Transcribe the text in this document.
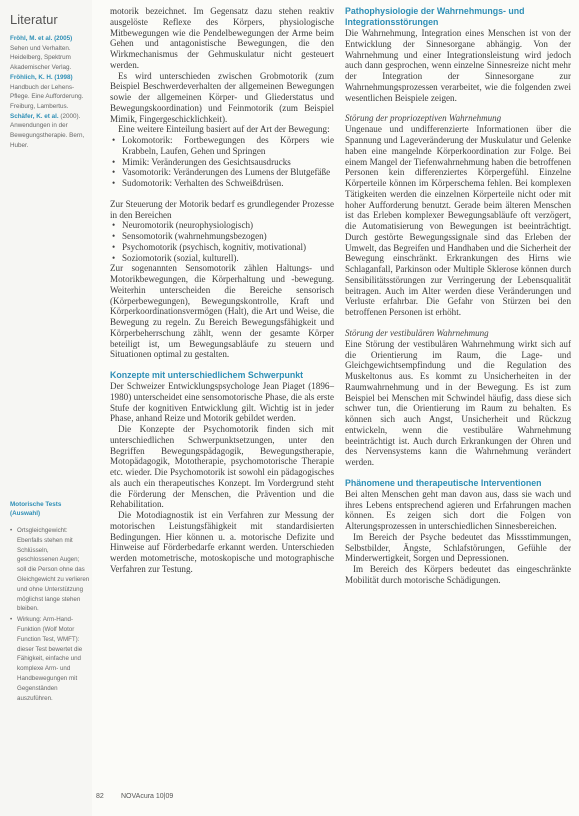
Literatur

Fröhl, M. et al. (2005) Sehen und Verhalten. Heidelberg, Spektrum Akademischer Verlag.

Fröhlich, K. H. (1998) Handbuch der Lehens-Pflege. Eine Aufforderung. Freiburg, Lambertus.

Schäfer, K. et al. (2000). Anwendungen in der Bewegungstherapie. Bern, Huber.

Motorische Tests (Auswahl)
• Ortsgleichgewicht: Ebenfalls stehen mit Schlüsseln, geschlossenen Augen; soll die Person ohne das Gleichgewicht zu verlieren und ohne Unterstützung möglichst lange stehen bleiben.
• Wirkung: Arm-Hand-Funktion (Wolf Motor Function Test, WMFT): dieser Test bewertet die Fähigkeit, einfache und komplexe Arm- und Handbewegungen mit Gegenständen auszuführen.

motorik bezeichnet. Im Gegensatz dazu stehen reaktiv ausgelöste Reflexe des Körpers, physiologische Mitbewegungen wie die Pendelbewegungen der Arme beim Gehen und antagonistische Bewegungen, die den Wirkmechanismus der Gehmuskulatur nicht gesteuert werden.

Es wird unterschieden zwischen Grobmotorik (zum Beispiel Beschwerdeverhalten der allgemeinen Bewegungen sowie der allgemeinen Körper- und Gliederstatus und Bewegungskoordination) und Feinmotorik (zum Beispiel Mimik, Fingergeschicklichkeit).

Eine weitere Einteilung basiert auf der Art der Bewegung:

• Lokomotorik: Fortbewegungen des Körpers wie Krabbeln, Laufen, Gehen und Springen
• Mimik: Veränderungen des Gesichtsausdrucks
• Vasomotorik: Veränderungen des Lumens der Blutgefäße
• Sudomotorik: Verhalten des Schweißdrüsen.

Zur Steuerung der Motorik bedarf es grundlegender Prozesse in den Bereichen

• Neuromotorik (neurophysiologisch)
• Sensomotorik (wahrnehmungsbezogen)
• Psychomotorik (psychisch, kognitiv, motivational)
• Soziomotorik (sozial, kulturell).

Zur sogenannten Sensomotorik zählen Haltungs- und Motorikbewegungen, die Körperhaltung und -bewegung. Weiterhin unterscheiden die Bereiche sensorisch (Körperbewegungen), Bewegungskontrolle, Kraft und Körperkoordinationsvermögen (Halt), die Art und Weise, die Bewegung zu regeln. Zu Bereich Bewegungsfähigkeit und Körperbeherrschung zählt, wenn der gesamte Körper beteiligt ist, um Bewegungsabläufe zu steuern und Situationen optimal zu gestalten.

Konzepte mit unterschiedlichem Schwerpunkt

Der Schweizer Entwicklungspsychologe Jean Piaget (1896–1980) unterscheidet eine sensomotorische Phase, die als erste Stufe der kognitiven Entwicklung gilt. Wichtig ist in jeder Phase, anhand Reize und Motorik gebildet werden.

Die Konzepte der Psychomotorik finden sich mit unterschiedlichen Schwerpunktsetzungen, unter den Begriffen Bewegungspädagogik, Bewegungstherapie, Motopädagogik, Mototherapie, psychomotorische Therapie etc. wieder. Die Psychomotorik ist sowohl ein pädagogisches als auch ein therapeutisches Konzept. Im Vordergrund steht die Förderung der Menschen, die Prävention und die Rehabilitation.

Die Motodiagnostik ist ein Verfahren zur Messung der motorischen Leistungsfähigkeit mit standardisierten Bedingungen. Hier können u. a. motorische Defizite und Hinweise auf Förderbedarfe erkannt werden. Unterschieden werden motometrische, motoskopische und motographische Verfahren zur Testung.

Pathophysiologie der Wahrnehmungs- und Integrationsstörungen

Die Wahrnehmung, Integration eines Menschen ist von der Entwicklung der Sinnesorgane abhängig. Von der Wahrnehmung und einer Integrationsleistung wird jedoch auch dann gesprochen, wenn einzelne Sinnesreize nicht mehr der Integration der Sinnesorgane zur Wahrnehmungsprozessen verarbeitet, wie die folgenden zwei wesentlichen Beispiele zeigen.

Störung der propriozeptiven Wahrnehmung

Ungenaue und undifferenzierte Informationen über die Spannung und Lageveränderung der Muskulatur und Gelenke haben eine mangelnde Körperkoordination zur Folge. Bei einem Mangel der Tiefenwahrnehmung haben die betroffenen Personen kein differenziertes Körpergefühl. Einzelne Körperteile können im Körperschema fehlen. Bei komplexen Tätigkeiten werden die einzelnen Körperteile nicht oder mit hoher Aufforderung benutzt. Gerade beim älteren Menschen ist das Erleben komplexer Bewegungsabläufe oft verzögert, die Automatisierung von Bewegungen ist beeinträchtigt. Durch gestörte Bewegungssignale sind das Erleben der Umwelt, das Begreifen und Handhaben und die Sicherheit der Bewegung einschränkt. Erkrankungen des Hirns wie Schlaganfall, Parkinson oder Multiple Sklerose können durch Sensibilitätsstörungen zur Verringerung der Lebensqualität beitragen. Auch im Alter werden diese Veränderungen und Verluste erfahrbar. Die Gefahr von Stürzen bei den betroffenen Personen ist erhöht.

Störung der vestibulären Wahrnehmung

Eine Störung der vestibulären Wahrnehmung wirkt sich auf die Orientierung im Raum, die Lage- und Gleichgewichtsempfindung und die Regulation des Muskeltonus aus. Es kommt zu Unsicherheiten in der Raumwahrnehmung und in der Bewegung. Es ist zum Beispiel bei Menschen mit Schwindel häufig, dass diese sich schwer tun, die Orientierung im Raum zu behalten. Es können sich auch Angst, Unsicherheit und Rückzug entwickeln, wenn die vestibuläre Wahrnehmung beeinträchtigt ist. Auch durch Erkrankungen der Ohren und des Nervensystems kann die Wahrnehmung verändert werden.

Phänomene und therapeutische Interventionen

Bei alten Menschen geht man davon aus, dass sie wach und ihres Lebens entsprechend agieren und Erfahrungen machen können. Es zeigen sich dort die Folgen von Alterungsprozessen in unterschiedlichen Sinnesbereichen.

Im Bereich der Psyche bedeutet das Missstimmungen, Selbstbilder, Ängste, Schlafstörungen, Gefühle der Minderwertigkeit, Sorgen und Depressionen.

Im Bereich des Körpers bedeutet das eingeschränkte Mobilität durch motorische Schädigungen.

82 NOVAcura 10|09
